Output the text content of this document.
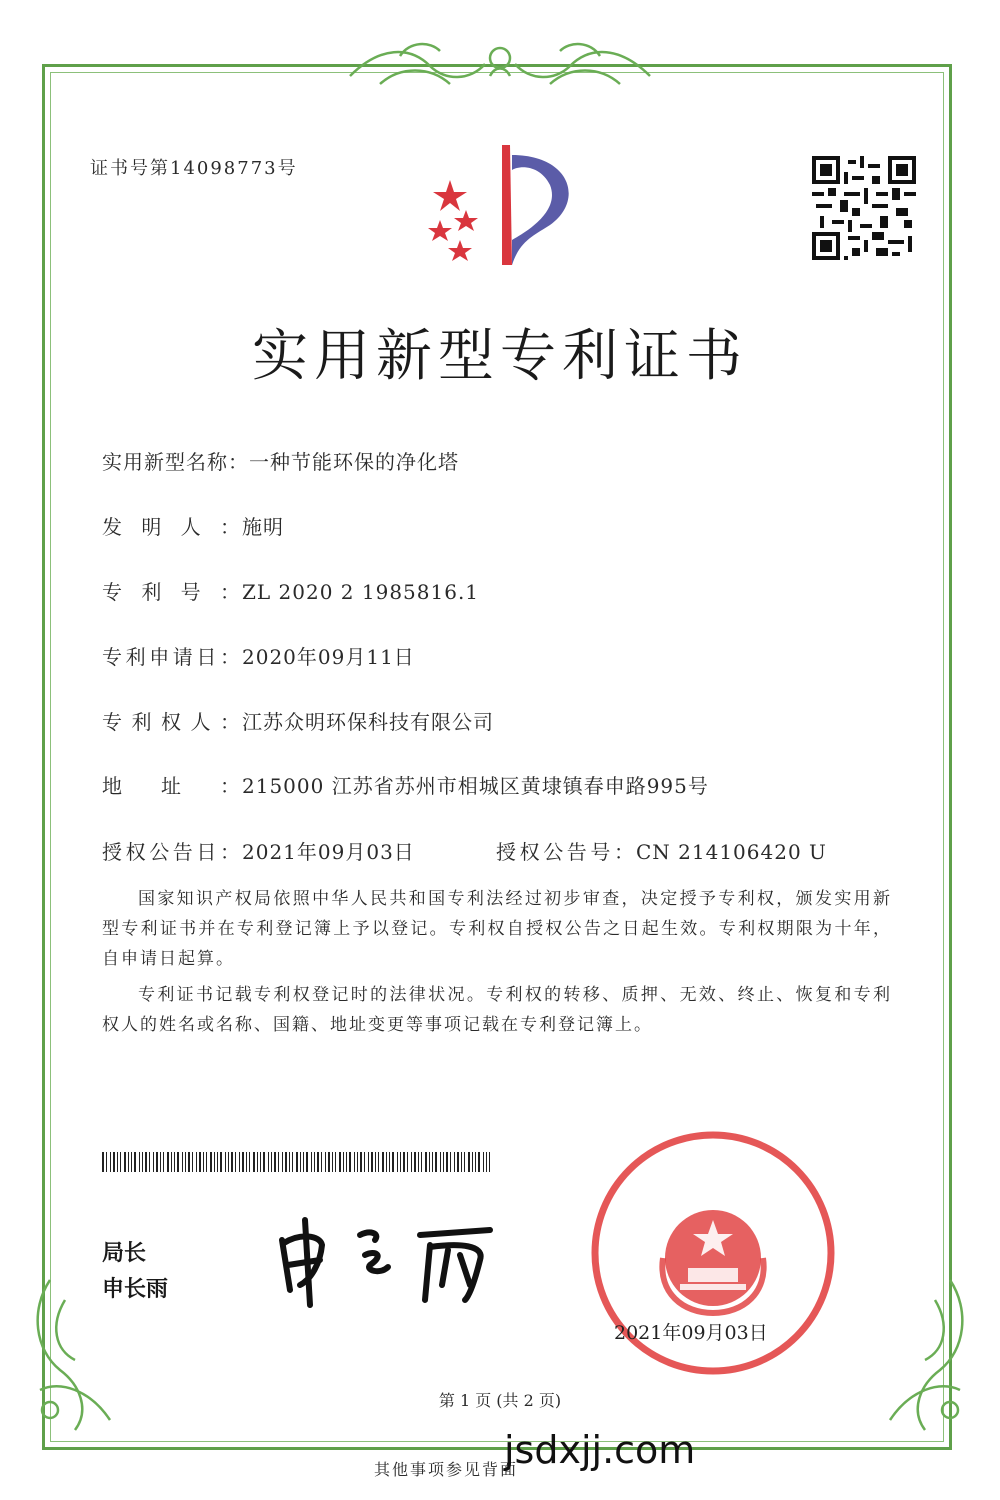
证书号第14098773号
实用新型专利证书
实用新型名称：一种节能环保的净化塔
发明人：施明
专利号：ZL 2020 2 1985816.1
专利申请日：2020年09月11日
专利权人：江苏众明环保科技有限公司
地址：215000 江苏省苏州市相城区黄埭镇春申路995号
授权公告日：2021年09月03日	授权公告号：CN 214106420 U
国家知识产权局依照中华人民共和国专利法经过初步审查，决定授予专利权，颁发实用新型专利证书并在专利登记簿上予以登记。专利权自授权公告之日起生效。专利权期限为十年，自申请日起算。
专利证书记载专利权登记时的法律状况。专利权的转移、质押、无效、终止、恢复和专利权人的姓名或名称、国籍、地址变更等事项记载在专利登记簿上。
局长
申长雨
2021年09月03日
第 1 页 (共 2 页)
其他事项参见背面
jsdxjj.com
